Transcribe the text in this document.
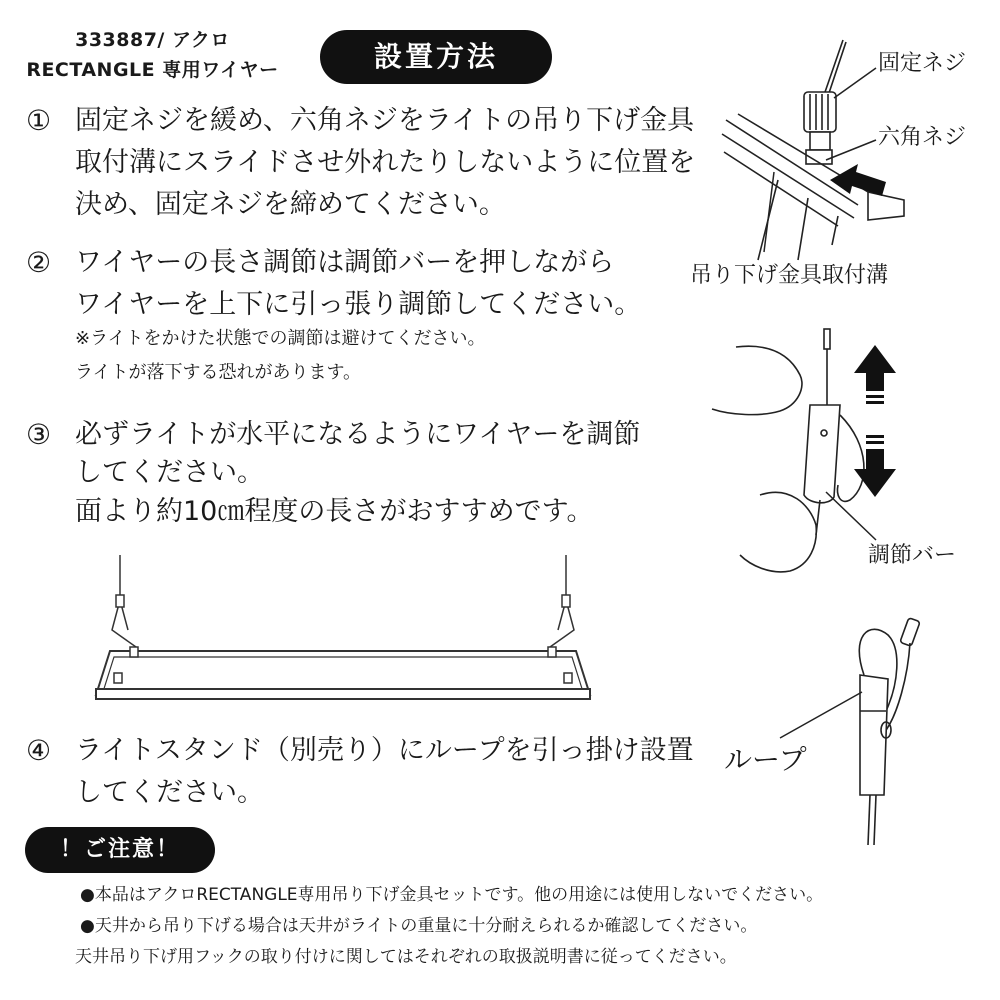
333887/ アクロ
RECTANGLE 専用ワイヤー	設置方法
① 固定ネジを緩め、六角ネジをライトの吊り下げ金具
取付溝にスライドさせ外れたりしないように位置を
決め、固定ネジを締めてください。
② ワイヤーの長さ調節は調節バーを押しながら
ワイヤーを上下に引っ張り調節してください。
※ライトをかけた状態での調節は避けてください。
ライトが落下する恐れがあります。
③ 必ずライトが水平になるようにワイヤーを調節
してください。
面より約10㎝程度の長さがおすすめです。
④ ライトスタンド（別売り）にループを引っ掛け設置
してください。
固定ネジ
六角ネジ
吊り下げ金具取付溝
調節バー
ループ
！ご注意！
●本品はアクロRECTANGLE専用吊り下げ金具セットです。他の用途には使用しないでください。
●天井から吊り下げる場合は天井がライトの重量に十分耐えられるか確認してください。
天井吊り下げ用フックの取り付けに関してはそれぞれの取扱説明書に従ってください。
